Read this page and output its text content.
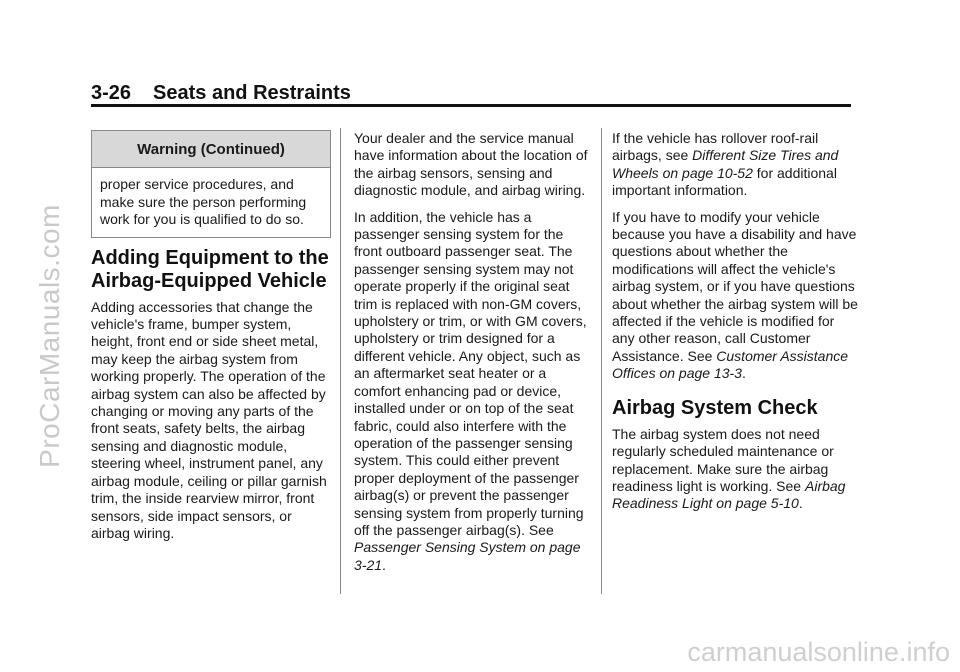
ProCarManuals.com
carmanualsonline.info
3-26 Seats and Restraints
Warning (Continued)
proper service procedures, and make sure the person performing work for you is qualified to do so.
Adding Equipment to the Airbag-Equipped Vehicle

Adding accessories that change the vehicle's frame, bumper system, height, front end or side sheet metal, may keep the airbag system from working properly. The operation of the airbag system can also be affected by changing or moving any parts of the front seats, safety belts, the airbag sensing and diagnostic module, steering wheel, instrument panel, any airbag module, ceiling or pillar garnish trim, the inside rearview mirror, front sensors, side impact sensors, or airbag wiring.

Your dealer and the service manual have information about the location of the airbag sensors, sensing and diagnostic module, and airbag wiring.

In addition, the vehicle has a passenger sensing system for the front outboard passenger seat. The passenger sensing system may not operate properly if the original seat trim is replaced with non-GM covers, upholstery or trim, or with GM covers, upholstery or trim designed for a different vehicle. Any object, such as an aftermarket seat heater or a comfort enhancing pad or device, installed under or on top of the seat fabric, could also interfere with the operation of the passenger sensing system. This could either prevent proper deployment of the passenger airbag(s) or prevent the passenger sensing system from properly turning off the passenger airbag(s). See Passenger Sensing System on page 3-21.

If the vehicle has rollover roof-rail airbags, see Different Size Tires and Wheels on page 10-52 for additional important information.

If you have to modify your vehicle because you have a disability and have questions about whether the modifications will affect the vehicle's airbag system, or if you have questions about whether the airbag system will be affected if the vehicle is modified for any other reason, call Customer Assistance. See Customer Assistance Offices on page 13-3.

Airbag System Check

The airbag system does not need regularly scheduled maintenance or replacement. Make sure the airbag readiness light is working. See Airbag Readiness Light on page 5-10.
